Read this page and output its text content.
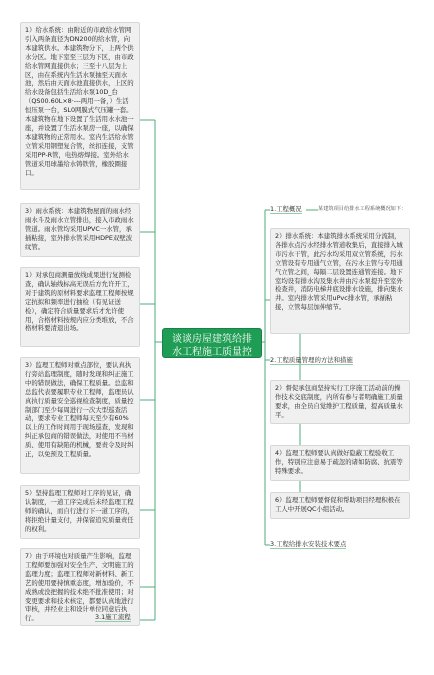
1）给水系统：由附近的市政给水管网引入两条直径为DN200的给水管，向本建筑供水。本建筑物分下，上两个供水分区。地下室至三层为下区，由市政给水管网直接供水；三至十八层为上区，由在系统内生活水泵抽至天面水池，然后由天面水池直接供水，上区的给水设备包括生活给水泵10D_台（QS00.60L×8·---两用一备，）生活恒压泵一台，SL0网膜式气压罐一套。本建筑物在地下设置了生活用水水池一座，并设置了生活水泵房一座，以确保本建筑物的正常用水。室内生活给水管立管采用钢塑复合管，丝扣连接，支管采用PP-R管，电热熔焊接。室外给水管道采用球墨给水铸铁管，橡胶圈接口。
3）雨水系统：本建筑物屋面的雨水经雨水斗及雨水立管排出，接入市政雨水管道。雨水管均采用UPVC一水管，承插粘接，室外排水管采用HDPE双壁波纹管。
1）对承包商测量放线成果进行复测检查，确认轴线标高无误后方允许开工，对于建筑的原材料要求监理工程师按规定抗拟和频率进行抽检（有见证送检），确定符合质量要求后才允许使用，合格材料按规内应分类堆放，不合格材料要清退出场。
3）监理工程师对重点部位，要认真执行旁站监理制度，随时发现和纠正施工中的错误做法，确保工程质量。总监和总监代表要履职专业工程师，监理员认真执行质量安全巡视检查制度，质量控制部门至少每周进行一次大型巡查活动，要求专业工程师每天至少有60%以上的工作时间用于现场巡查，发现和纠正承包商的错误做法，对使用不当材质、使用有缺陷的机械，要责令及时纠正，以免预及工程质量。
5）坚持监理工程师对工序的见证，确认制度，一道工序完成后未经监理工程师的确认，而自行进行下一道工序的，将拒绝计量支付，并保留追究质量责任的权利。
7）由于环境也对质量产生影响，监理工程师要加强对安全生产、文明施工的监理力度；监理工程师对新材料、新工艺的使用要持慎重态度，增加验价，不成熟或没把握的技术绝不批准使用；对变更要求和技术核定，都要认真地进行审核，并经业主和设计单位同意后执行。	3.1施工流程
谈谈房屋建筑给排水工程施工质量控制
1.工程概况	某建筑项目给排水工程系统概况如下：
2）排水系统：本建筑排水系统采用分流制，各排水点污水经排水管道收集后，直接排入城市污水干管，此污水均采用双立管系统，污水立管设有专用通气立管，在污水主管与专用通气立管之间，每隔二层设置连通管连接。地下室均设有排水沟及集水井由污水泵提升至室外检查井，消防电梯井底设排水设施，排向集水井。室内排水管采用uPvc排水管，承插粘接，立管每层加伸缩节。
2.工程质量管理的方法和措施
2）督促承包商坚持实行工序施工活动前的操作技术交底制度，内所有参与者明确施工质量要求，由全员自觉维护工程质量，提高质量水平。
4）监理工程师要认真做好隐蔽工程验收工作，特别应注意易于疏忽的诸如防腐、抗震等特殊要求。
6）监理工程师要督促和帮助项目经理积极在工人中开展QC小组活动。
3.工程给排水安装技术要点
